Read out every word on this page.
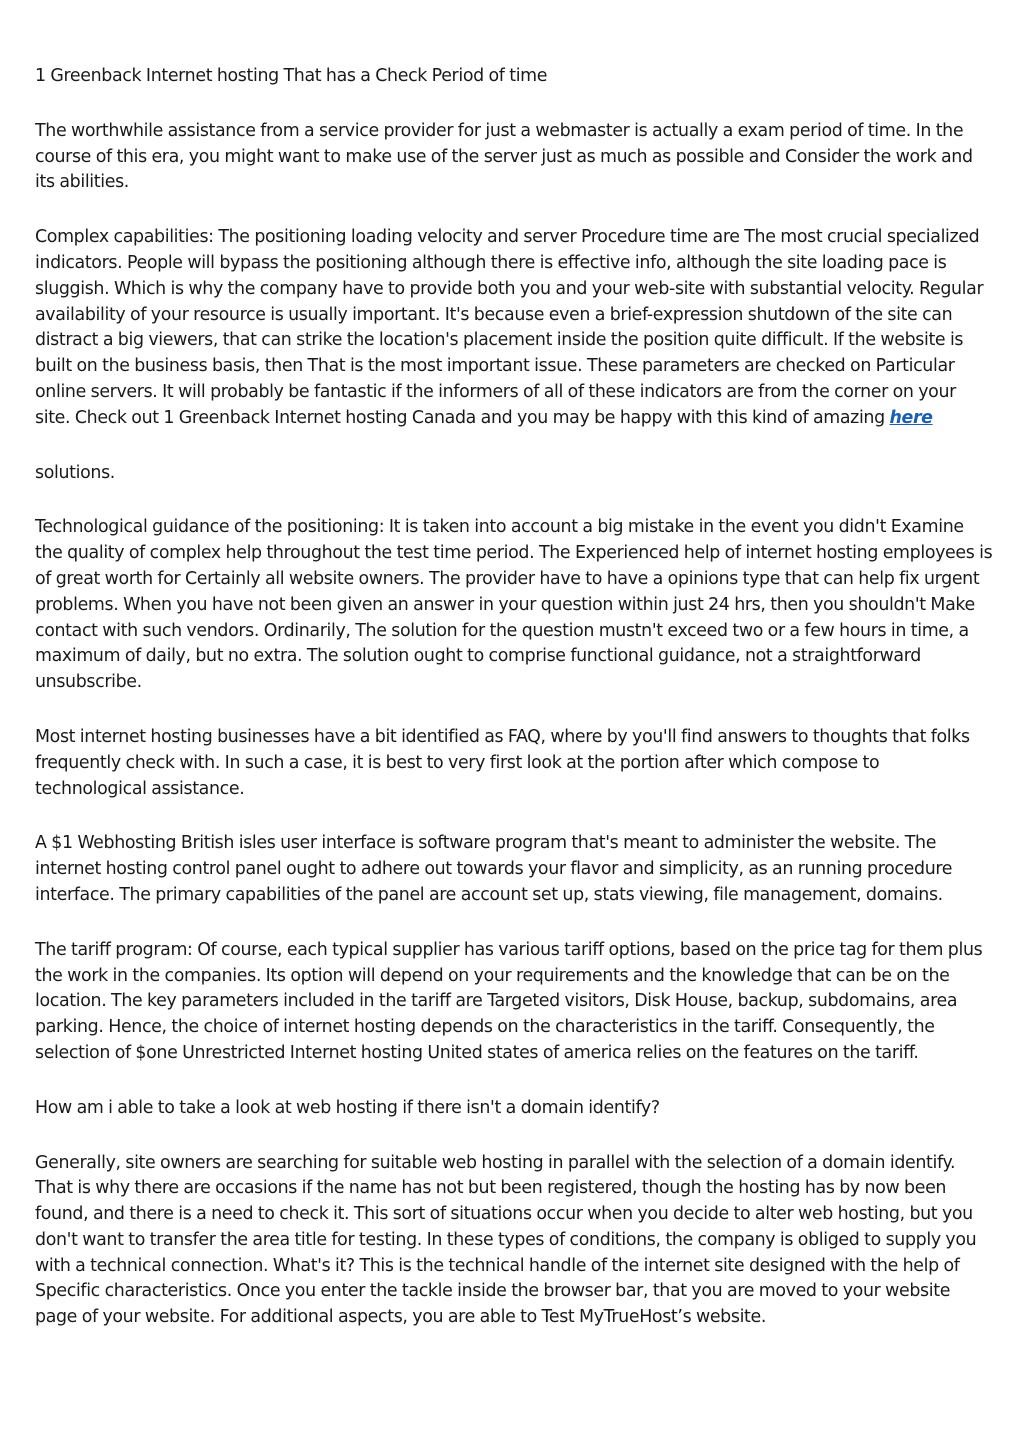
1 Greenback Internet hosting That has a Check Period of time

The worthwhile assistance from a service provider for just a webmaster is actually a exam period of time. In the course of this era, you might want to make use of the server just as much as possible and Consider the work and its abilities.

Complex capabilities: The positioning loading velocity and server Procedure time are The most crucial specialized indicators. People will bypass the positioning although there is effective info, although the site loading pace is sluggish. Which is why the company have to provide both you and your web-site with substantial velocity. Regular availability of your resource is usually important. It's because even a brief-expression shutdown of the site can distract a big viewers, that can strike the location's placement inside the position quite difficult. If the website is built on the business basis, then That is the most important issue. These parameters are checked on Particular online servers. It will probably be fantastic if the informers of all of these indicators are from the corner on your site. Check out 1 Greenback Internet hosting Canada and you may be happy with this kind of amazing here

solutions.

Technological guidance of the positioning: It is taken into account a big mistake in the event you didn't Examine the quality of complex help throughout the test time period. The Experienced help of internet hosting employees is of great worth for Certainly all website owners. The provider have to have a opinions type that can help fix urgent problems. When you have not been given an answer in your question within just 24 hrs, then you shouldn't Make contact with such vendors. Ordinarily, The solution for the question mustn't exceed two or a few hours in time, a maximum of daily, but no extra. The solution ought to comprise functional guidance, not a straightforward unsubscribe.

Most internet hosting businesses have a bit identified as FAQ, where by you'll find answers to thoughts that folks frequently check with. In such a case, it is best to very first look at the portion after which compose to technological assistance.

A $1 Webhosting British isles user interface is software program that's meant to administer the website. The internet hosting control panel ought to adhere out towards your flavor and simplicity, as an running procedure interface. The primary capabilities of the panel are account set up, stats viewing, file management, domains.

The tariff program: Of course, each typical supplier has various tariff options, based on the price tag for them plus the work in the companies. Its option will depend on your requirements and the knowledge that can be on the location. The key parameters included in the tariff are Targeted visitors, Disk House, backup, subdomains, area parking. Hence, the choice of internet hosting depends on the characteristics in the tariff. Consequently, the selection of $one Unrestricted Internet hosting United states of america relies on the features on the tariff.

How am i able to take a look at web hosting if there isn't a domain identify?

Generally, site owners are searching for suitable web hosting in parallel with the selection of a domain identify. That is why there are occasions if the name has not but been registered, though the hosting has by now been found, and there is a need to check it. This sort of situations occur when you decide to alter web hosting, but you don't want to transfer the area title for testing. In these types of conditions, the company is obliged to supply you with a technical connection. What's it? This is the technical handle of the internet site designed with the help of Specific characteristics. Once you enter the tackle inside the browser bar, that you are moved to your website page of your website. For additional aspects, you are able to Test MyTrueHost’s website.
